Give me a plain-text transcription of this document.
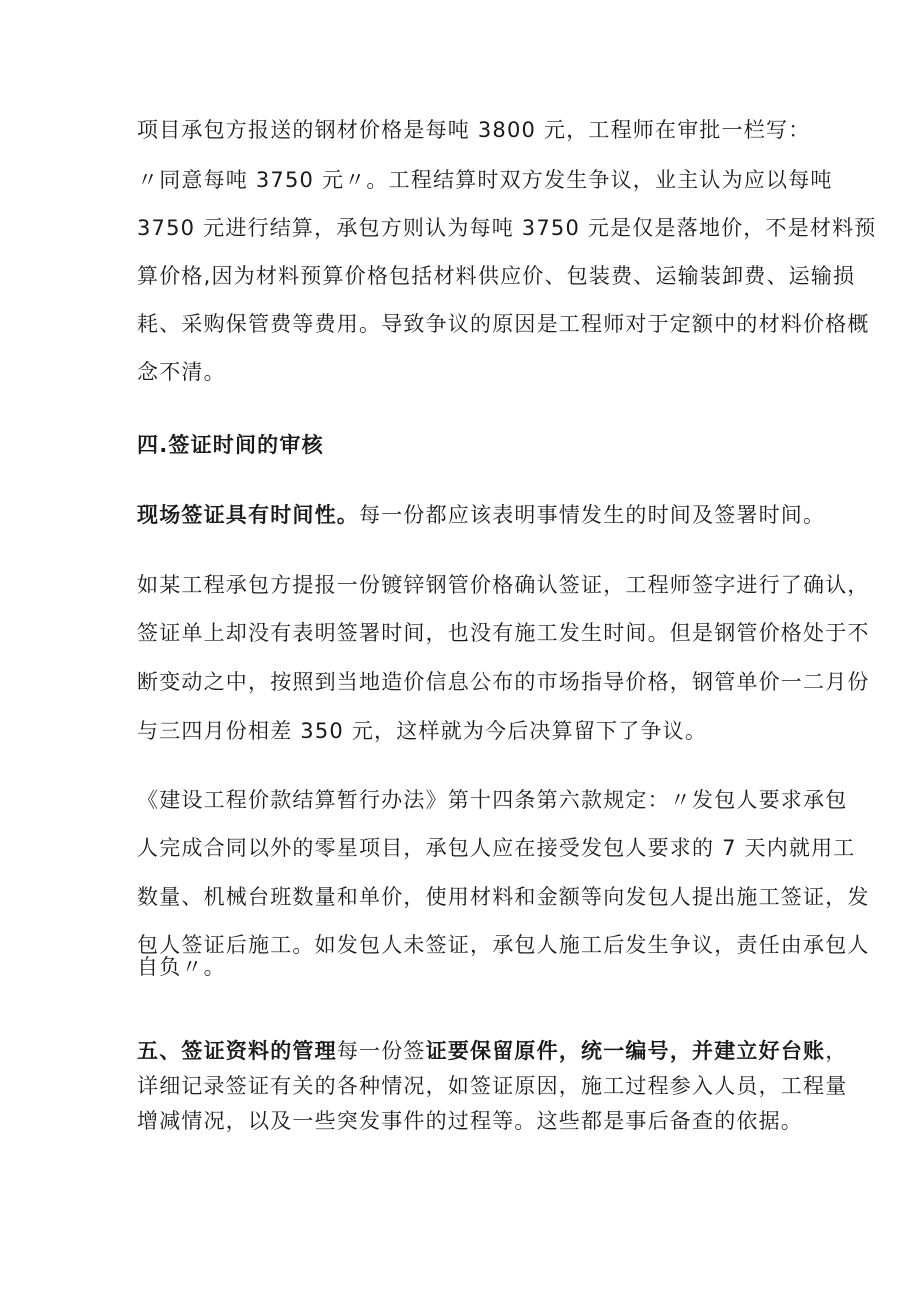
项目承包方报送的钢材价格是每吨 3800 元，工程师在审批一栏写：
〃同意每吨 3750 元〃。工程结算时双方发生争议，业主认为应以每吨
3750 元进行结算，承包方则认为每吨 3750 元是仅是落地价，不是材料预
算价格,因为材料预算价格包括材料供应价、包装费、运输装卸费、运输损
耗、采购保管费等费用。导致争议的原因是工程师对于定额中的材料价格概
念不清。
四.签证时间的审核
现场签证具有时间性。每一份都应该表明事情发生的时间及签署时间。
如某工程承包方提报一份镀锌钢管价格确认签证，工程师签字进行了确认，
签证单上却没有表明签署时间，也没有施工发生时间。但是钢管价格处于不
断变动之中，按照到当地造价信息公布的市场指导价格，钢管单价一二月份
与三四月份相差 350 元，这样就为今后决算留下了争议。
《建设工程价款结算暂行办法》第十四条第六款规定：〃发包人要求承包
人完成合同以外的零星项目，承包人应在接受发包人要求的 7 天内就用工
数量、机械台班数量和单价，使用材料和金额等向发包人提出施工签证，发
包人签证后施工。如发包人未签证，承包人施工后发生争议，责任由承包人
自负〃。
五、签证资料的管理每一份签证要保留原件，统一编号，并建立好台账，
详细记录签证有关的各种情况，如签证原因，施工过程参入人员，工程量
增减情况，以及一些突发事件的过程等。这些都是事后备查的依据。
